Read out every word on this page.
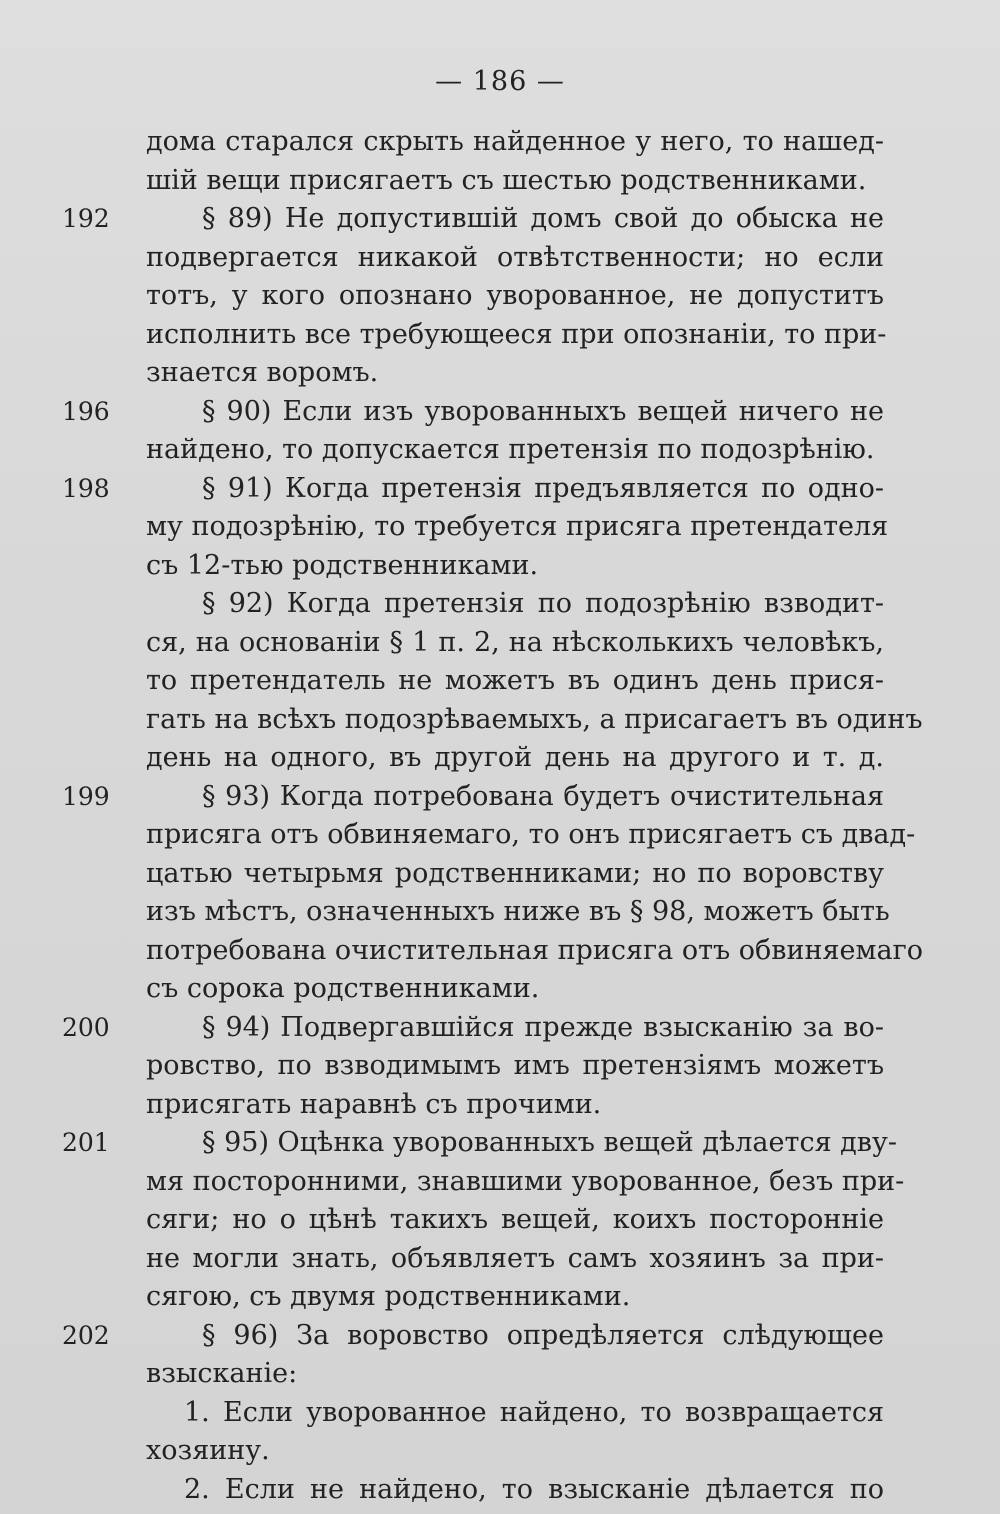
— 186 —
дома старался скрыть найденное у него, то нашед-
шій вещи присягаетъ съ шестью родственниками.
§ 89) Не допустившій домъ свой до обыска не
192
подвергается никакой отвѣтственности; но если
тотъ, у кого опознано уворованное, не допуститъ
исполнить все требующееся при опознаніи, то при-
знается воромъ.
§ 90) Если изъ уворованныхъ вещей ничего не
196
найдено, то допускается претензія по подозрѣнію.
§ 91) Когда претензія предъявляется по одно-
198
му подозрѣнію, то требуется присяга претендателя
съ 12-тью родственниками.
§ 92) Когда претензія по подозрѣнію взводит-
ся, на основаніи § 1 п. 2, на нѣсколькихъ человѣкъ,
то претендатель не можетъ въ одинъ день прися-
гать на всѣхъ подозрѣваемыхъ, а присагаетъ въ одинъ
день на одного, въ другой день на другого и т. д.
§ 93) Когда потребована будетъ очистительная
199
присяга отъ обвиняемаго, то онъ присягаетъ съ двад-
цатью четырьмя родственниками; но по воровству
изъ мѣстъ, означенныхъ ниже въ § 98, можетъ быть
потребована очистительная присяга отъ обвиняемаго
съ сорока родственниками.
§ 94) Подвергавшійся прежде взысканію за во-
200
ровство, по взводимымъ имъ претензіямъ можетъ
присягать наравнѣ съ прочими.
§ 95) Оцѣнка уворованныхъ вещей дѣлается дву-
201
мя посторонними, знавшими уворованное, безъ при-
сяги; но о цѣнѣ такихъ вещей, коихъ посторонніе
не могли знать, объявляетъ самъ хозяинъ за при-
сягою, съ двумя родственниками.
§ 96) За воровство опредѣляется слѣдующее
202
взысканіе:
1. Если уворованное найдено, то возвращается
хозяину.
2. Если не найдено, то взысканіе дѣлается по
